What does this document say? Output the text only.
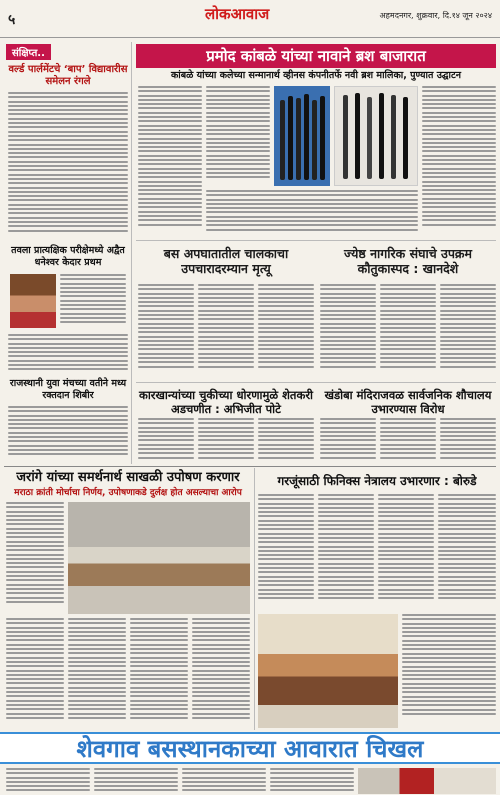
५	लोकआवाज	अहमदनगर, शुक्रवार, दि.१४ जून २०२४
संक्षिप्त..
वर्ल्ड पार्लमेंटचे ‘बाप’ विद्यावारीस समेलन रंगले
तवला प्रात्यक्षिक परीक्षेमध्ये अद्वैत धनेश्वर केदार प्रथम
राजस्थानी युवा मंचच्या वतीने मध्य रक्तदान शिबीर
प्रमोद कांबळे यांच्या नावाने ब्रश बाजारात
कांबळे यांच्या कलेच्या सन्मानार्थ व्हीनस कंपनीतर्फे नवी ब्रश मालिका, पुण्यात उद्घाटन
बस अपघातातील चालकाचा उपचारादरम्यान मृत्यू
ज्येष्ठ नागरिक संघाचे उपक्रम कौतुकास्पद : खानदेशे
कारखान्यांच्या चुकीच्या धोरणामुळे शेतकरी अडचणीत : अभिजीत पोटे
खंडोबा मंदिराजवळ सार्वजनिक शौचालय उभारण्यास विरोध
जरांगे यांच्या समर्थनार्थ साखळी उपोषण करणार
मराठा क्रांती मोर्चाचा निर्णय, उपोषणाकडे दुर्लक्ष होत असल्याचा आरोप
गरजूंसाठी फिनिक्स नेत्रालय उभारणार : बोरुडे
शेवगाव बसस्थानकाच्या आवारात चिखल
